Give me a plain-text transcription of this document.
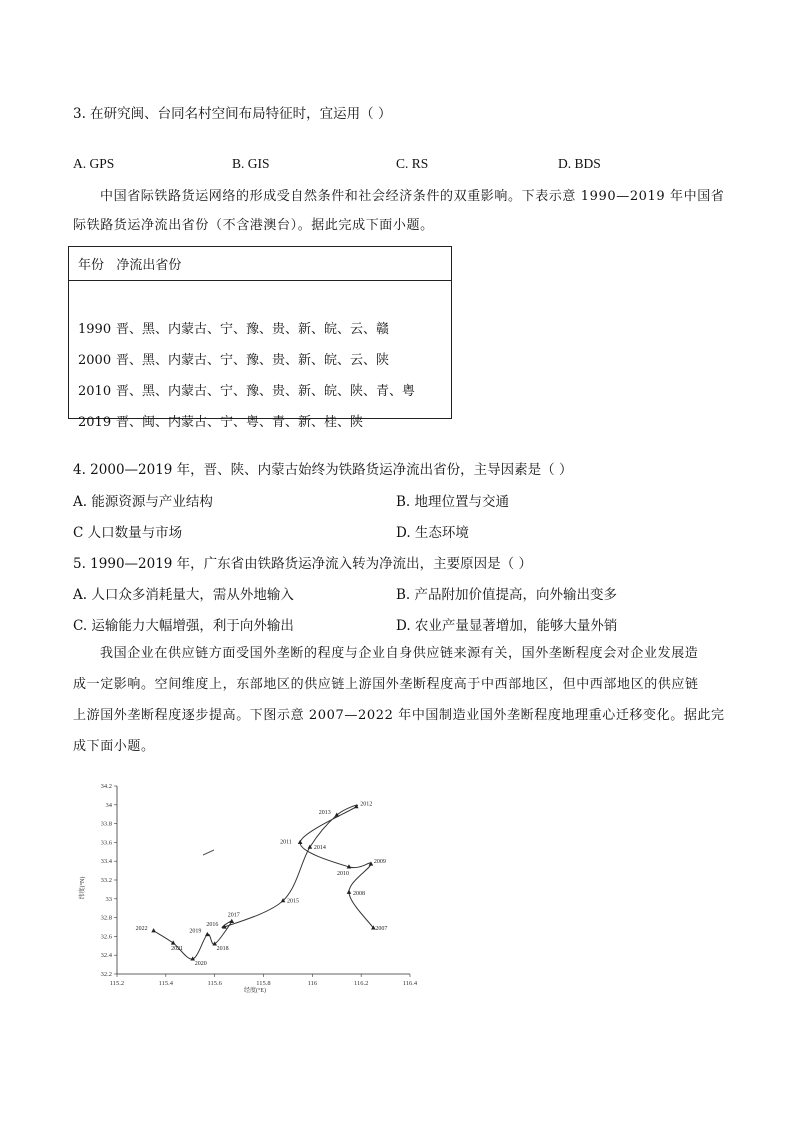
3. 在研究闽、台同名村空间布局特征时，宜运用（ ）
A. GPS	B. GIS	C. RS	D. BDS
中国省际铁路货运网络的形成受自然条件和社会经济条件的双重影响。下表示意 1990—2019 年中国省
际铁路货运净流出省份（不含港澳台）。据此完成下面小题。
年份   净流出省份

1990 晋、黑、内蒙古、宁、豫、贵、新、皖、云、赣
2000 晋、黑、内蒙古、宁、豫、贵、新、皖、云、陕
2010 晋、黑、内蒙古、宁、豫、贵、新、皖、陕、青、粤
2019 晋、闽、内蒙古、宁、粤、青、新、桂、陕
4. 2000—2019 年，晋、陕、内蒙古始终为铁路货运净流出省份，主导因素是（ ）
A. 能源资源与产业结构	B. 地理位置与交通
C 人口数量与市场	D. 生态环境
5. 1990—2019 年，广东省由铁路货运净流入转为净流出，主要原因是（ ）
A. 人口众多消耗量大，需从外地输入	B. 产品附加价值提高，向外输出变多
C. 运输能力大幅增强，利于向外输出	D. 农业产量显著增加，能够大量外销
我国企业在供应链方面受国外垄断的程度与企业自身供应链来源有关，国外垄断程度会对企业发展造
成一定影响。空间维度上，东部地区的供应链上游国外垄断程度高于中西部地区，但中西部地区的供应链
上游国外垄断程度逐步提高。下图示意 2007—2022 年中国制造业国外垄断程度地理重心迁移变化。据此完
成下面小题。
32.2
32.4
32.6
32.8
33
33.2
33.4
33.6
33.8
34
34.2
115.2	115.4	115.6	115.8	116	116.2	116.4
2007
2008
2009
2010
2011
2012
2013
2014
2015
2016
2017
2018
2019
2020
2021
2022
经度(°E)
纬度(°N)
